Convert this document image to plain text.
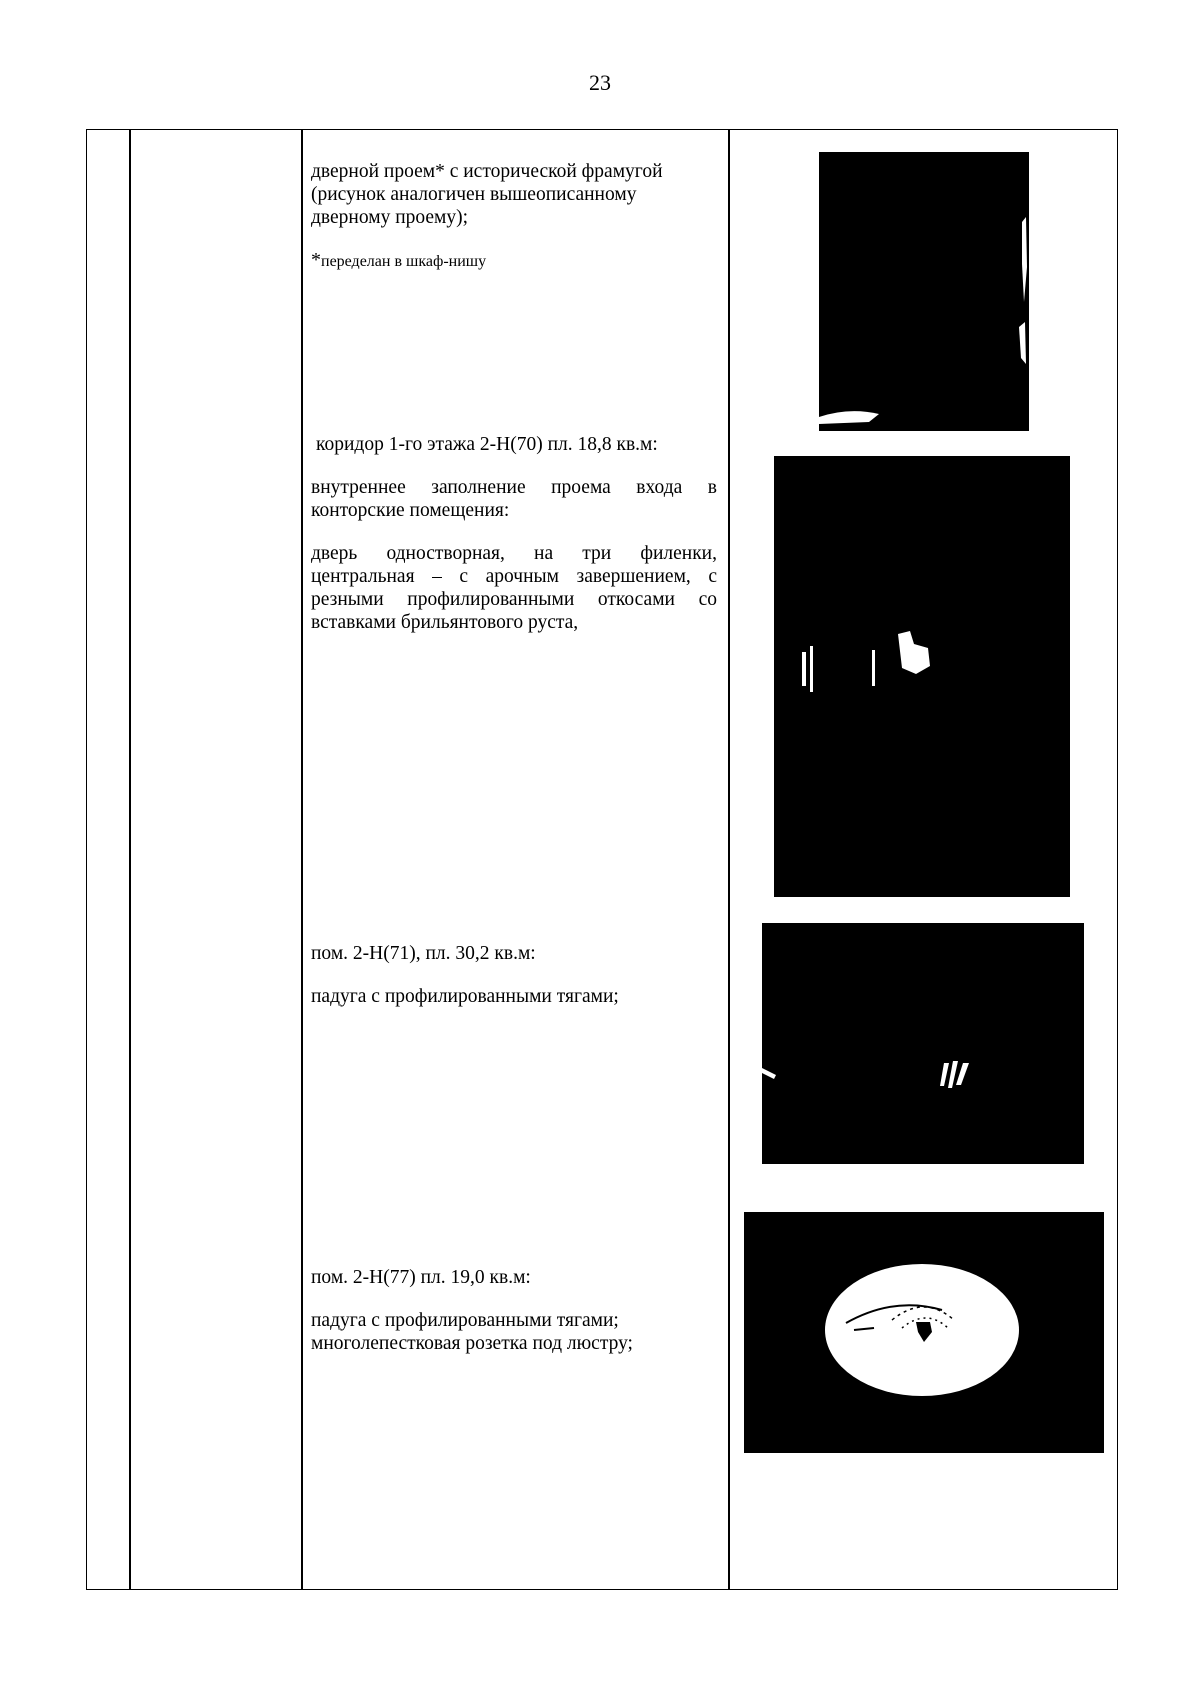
23
дверной проем* с исторической фрамугой (рисунок аналогичен вышеописанному дверному проему);
*переделан в шкаф-нишу
коридор 1-го этажа 2-Н(70) пл. 18,8 кв.м:
внутреннее заполнение проема входа в конторские помещения:
дверь одностворная, на три филенки, центральная – с арочным завершением, с резными профилированными откосами со вставками брильянтового руста,
пом. 2-Н(71), пл. 30,2 кв.м:
падуга с профилированными тягами;
пом. 2-Н(77) пл. 19,0 кв.м:
падуга с профилированными тягами;
многолепестковая розетка под люстру;
